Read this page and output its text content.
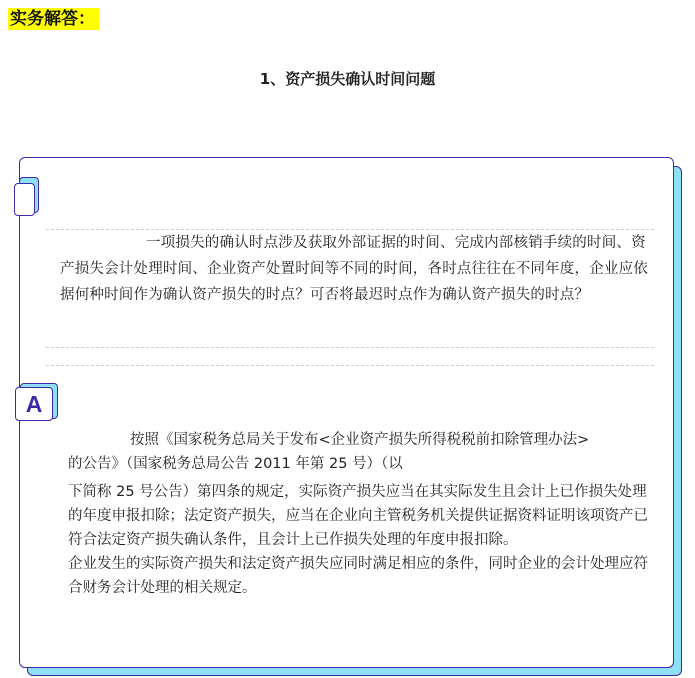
实务解答：
1、资产损失确认时间问题
一项损失的确认时点涉及获取外部证据的时间、完成内部核销手续的时间、资产损失会计处理时间、企业资产处置时间等不同的时间，各时点往往在不同年度，企业应依据何种时间作为确认资产损失的时点？可否将最迟时点作为确认资产损失的时点？
A

按照《国家税务总局关于发布<企业资产损失所得税税前扣除管理办法>

的公告》（国家税务总局公告 2011 年第 25 号）（以

下简称 25 号公告）第四条的规定，实际资产损失应当在其实际发生且会计上已作损失处理的年度申报扣除；法定资产损失，应当在企业向主管税务机关提供证据资料证明该项资产已符合法定资产损失确认条件，且会计上已作损失处理的年度申报扣除。

企业发生的实际资产损失和法定资产损失应同时满足相应的条件，同时企业的会计处理应符合财务会计处理的相关规定。
